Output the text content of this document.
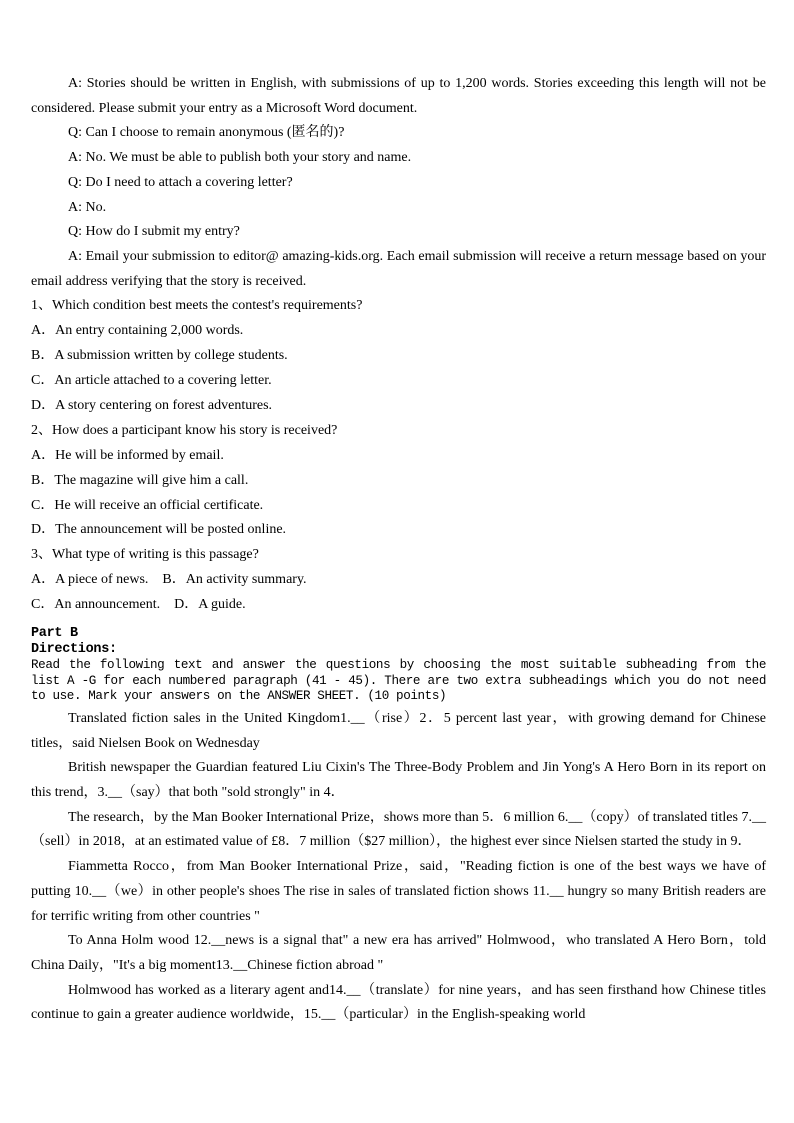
A: Stories should be written in English, with submissions of up to 1,200 words. Stories exceeding this length will not be considered. Please submit your entry as a Microsoft Word document.

Q: Can I choose to remain anonymous (匿名的)?

A: No. We must be able to publish both your story and name.

Q: Do I need to attach a covering letter?

A: No.

Q: How do I submit my entry?

A: Email your submission to editor@ amazing-kids.org. Each email submission will receive a return message based on your email address verifying that the story is received.

1、Which condition best meets the contest's requirements?

A．An entry containing 2,000 words.

B．A submission written by college students.

C．An article attached to a covering letter.

D．A story centering on forest adventures.

2、How does a participant know his story is received?

A．He will be informed by email.

B．The magazine will give him a call.

C．He will receive an official certificate.

D．The announcement will be posted online.

3、What type of writing is this passage?

A．A piece of news.　B．An activity summary.

C．An announcement.　D．A guide.

Part B

Directions:

Read the following text and answer the questions by choosing the most suitable subheading from the list A -G for each numbered paragraph (41 - 45). There are two extra subheadings which you do not need to use. Mark your answers on the ANSWER SHEET. (10 points)

Translated fiction sales in the United Kingdom1.__（rise）2．5 percent last year，with growing demand for Chinese titles，said Nielsen Book on Wednesday

British newspaper the Guardian featured Liu Cixin's The Three-Body Problem and Jin Yong's A Hero Born in its report on this trend，3.__（say）that both "sold strongly" in 4．

The research，by the Man Booker International Prize，shows more than 5．6 million 6.__（copy）of translated titles 7.__（sell）in 2018，at an estimated value of £8．7 million（$27 million），the highest ever since Nielsen started the study in 9．

Fiammetta Rocco，from Man Booker International Prize，said，"Reading fiction is one of the best ways we have of putting 10.__（we）in other people's shoes The rise in sales of translated fiction shows 11.__ hungry so many British readers are for terrific writing from other countries "

To Anna Holm wood 12.__news is a signal that" a new era has arrived" Holmwood，who translated A Hero Born，told China Daily，"It's a big moment13.__Chinese fiction abroad "

Holmwood has worked as a literary agent and14.__（translate）for nine years，and has seen firsthand how Chinese titles continue to gain a greater audience worldwide，15.__（particular）in the English-speaking world
